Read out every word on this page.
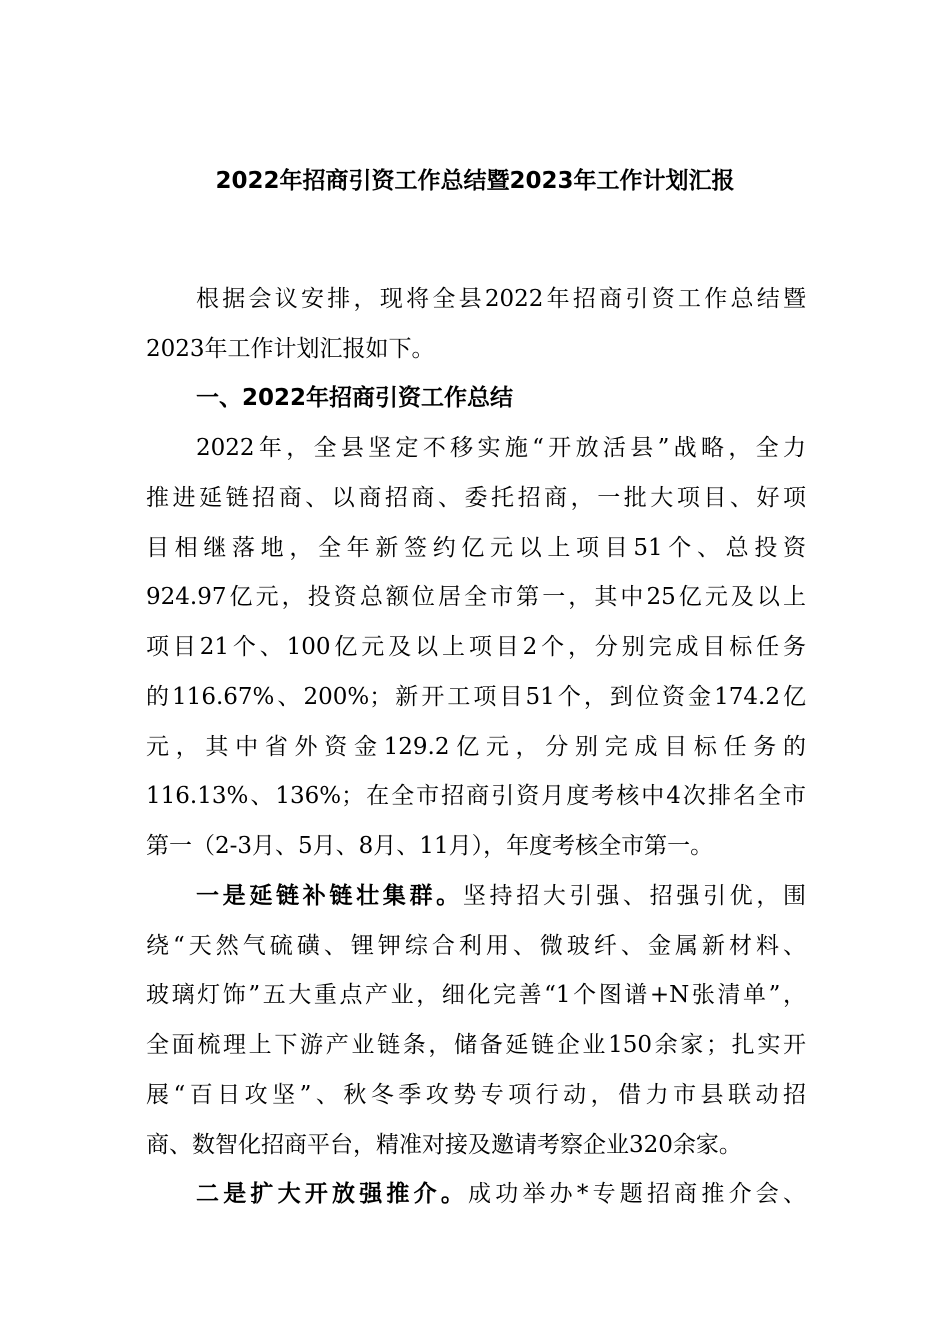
2022年招商引资工作总结暨2023年工作计划汇报
根据会议安排，现将全县2022年招商引资工作总结暨
2023年工作计划汇报如下。
一、2022年招商引资工作总结
2022年，全县坚定不移实施“开放活县”战略，全力
推进延链招商、以商招商、委托招商，一批大项目、好项
目相继落地，全年新签约亿元以上项目51个、总投资
924.97亿元，投资总额位居全市第一，其中25亿元及以上
项目21个、100亿元及以上项目2个，分别完成目标任务
的116.67%、200%；新开工项目51个，到位资金174.2亿
元，其中省外资金129.2亿元，分别完成目标任务的
116.13%、136%；在全市招商引资月度考核中4次排名全市
第一（2-3月、5月、8月、11月），年度考核全市第一。
一是延链补链壮集群。坚持招大引强、招强引优，围
绕“天然气硫磺、锂钾综合利用、微玻纤、金属新材料、
玻璃灯饰”五大重点产业，细化完善“1个图谱+N张清单”，
全面梳理上下游产业链条，储备延链企业150余家；扎实开
展“百日攻坚”、秋冬季攻势专项行动，借力市县联动招
商、数智化招商平台，精准对接及邀请考察企业320余家。
二是扩大开放强推介。成功举办*专题招商推介会、
